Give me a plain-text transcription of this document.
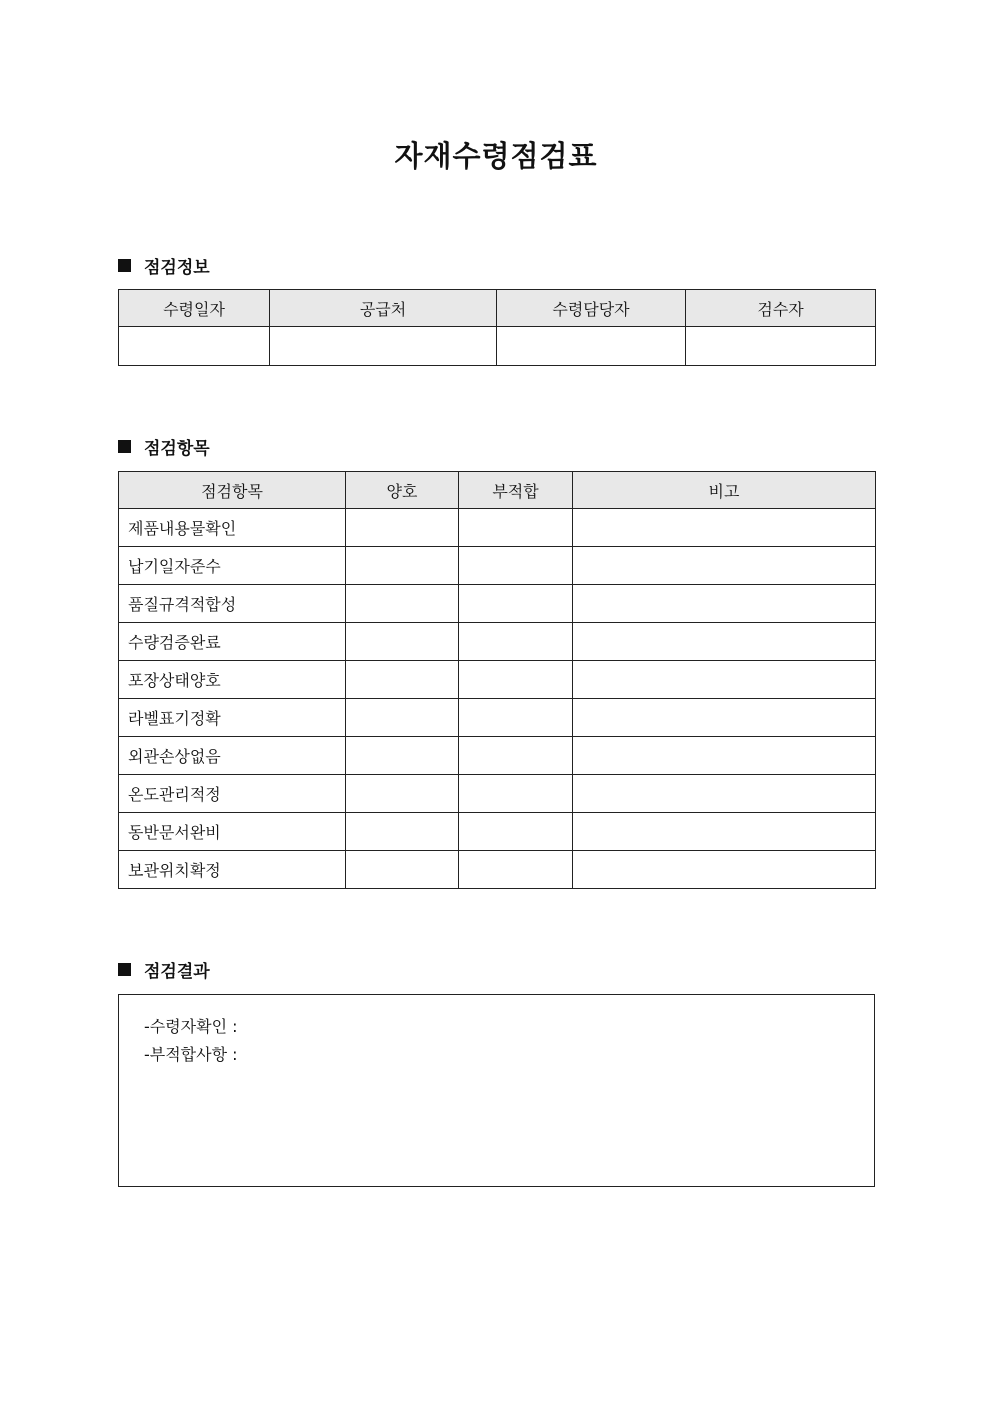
자재수령점검표
점검정보
수령일자	공급처	수령담당자	검수자

점검항목
점검항목	양호	부적합	비고
제품내용물확인			
납기일자준수			
품질규격적합성			
수량검증완료			
포장상태양호			
라벨표기정확			
외관손상없음			
온도관리적정			
동반문서완비			
보관위치확정			
점검결과
-수령자확인 :
-부적합사항 :
